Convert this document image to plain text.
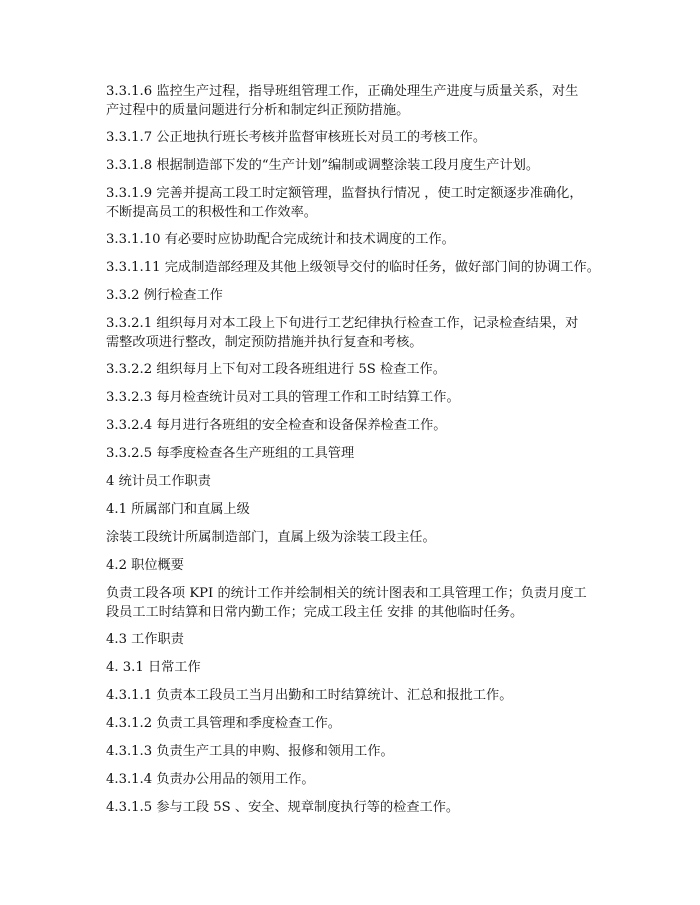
3.3.1.6 监控生产过程，指导班组管理工作，正确处理生产进度与质量关系，对生
产过程中的质量问题进行分析和制定纠正预防措施。
3.3.1.7 公正地执行班长考核并监督审核班长对员工的考核工作。
3.3.1.8 根据制造部下发的“生产计划”编制或调整涂装工段月度生产计划。
3.3.1.9 完善并提高工段工时定额管理，监督执行情况 ，使工时定额逐步准确化，
不断提高员工的积极性和工作效率。
3.3.1.10 有必要时应协助配合完成统计和技术调度的工作。
3.3.1.11 完成制造部经理及其他上级领导交付的临时任务，做好部门间的协调工作。
3.3.2 例行检查工作
3.3.2.1 组织每月对本工段上下旬进行工艺纪律执行检查工作，记录检查结果，对
需整改项进行整改，制定预防措施并执行复查和考核。
3.3.2.2 组织每月上下旬对工段各班组进行 5S 检查工作。
3.3.2.3 每月检查统计员对工具的管理工作和工时结算工作。
3.3.2.4 每月进行各班组的安全检查和设备保养检查工作。
3.3.2.5 每季度检查各生产班组的工具管理
4 统计员工作职责
4.1 所属部门和直属上级
涂装工段统计所属制造部门，直属上级为涂装工段主任。
4.2 职位概要
负责工段各项 KPI 的统计工作并绘制相关的统计图表和工具管理工作；负责月度工
段员工工时结算和日常内勤工作；完成工段主任 安排 的其他临时任务。
4.3 工作职责
4. 3.1 日常工作
4.3.1.1 负责本工段员工当月出勤和工时结算统计、汇总和报批工作。
4.3.1.2 负责工具管理和季度检查工作。
4.3.1.3 负责生产工具的申购、报修和领用工作。
4.3.1.4 负责办公用品的领用工作。
4.3.1.5 参与工段 5S 、安全、规章制度执行等的检查工作。
